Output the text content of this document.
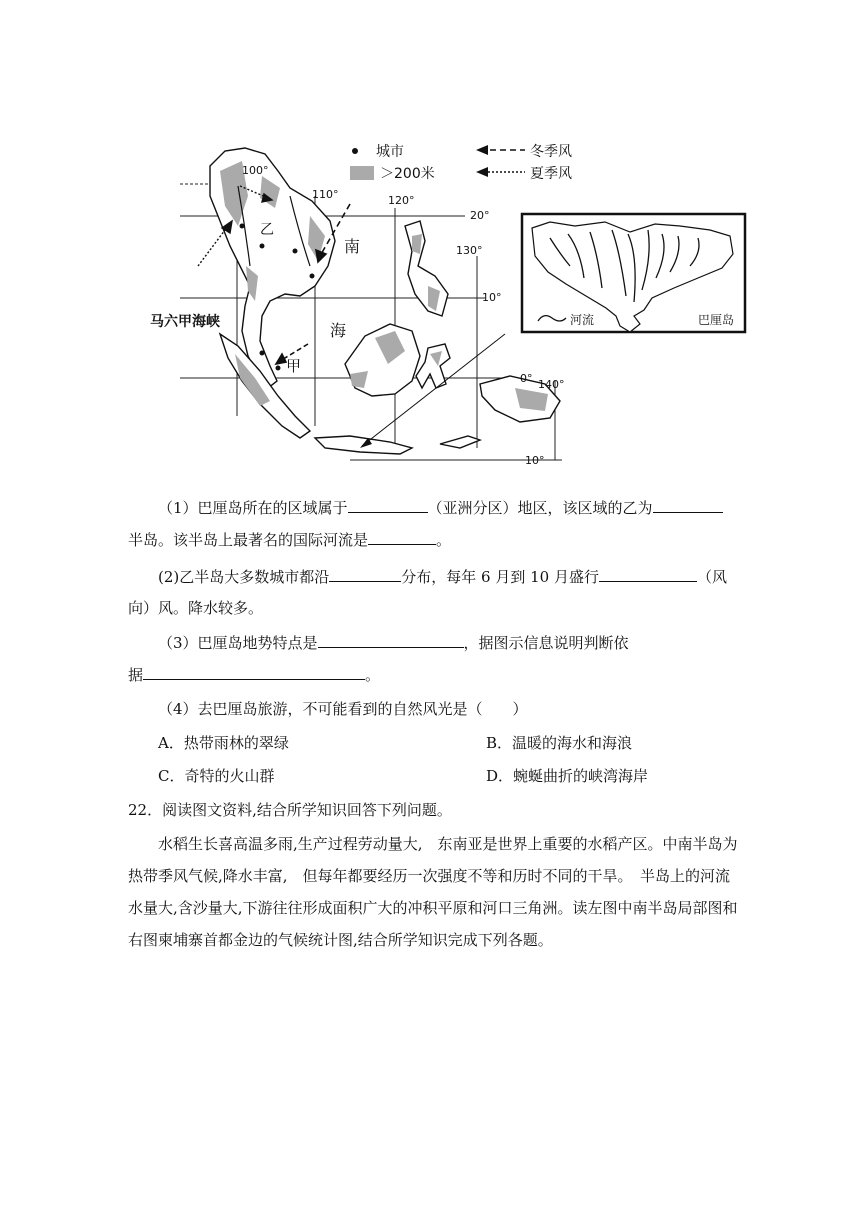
城市
＞200米
冬季风
夏季风
100°
110°	120°
130°
140°
20°
10°
0°
10°
南
海
乙
甲
马六甲海峡	河流	巴厘岛
（1）巴厘岛所在的区域属于	（亚洲分区）地区，该区域的乙为
半岛。该半岛上最著名的国际河流是	。
(2)乙半岛大多数城市都沿	分布，每年 6 月到 10 月盛行	（风
向）风。降水较多。
（3）巴厘岛地势特点是	，据图示信息说明判断依
据	。
（4）去巴厘岛旅游，不可能看到的自然风光是（　　）
A．热带雨林的翠绿	B．温暖的海水和海浪
C．奇特的火山群	D．蜿蜒曲折的峡湾海岸
22．阅读图文资料,结合所学知识回答下列问题。
水稻生长喜高温多雨,生产过程劳动量大,　东南亚是世界上重要的水稻产区。中南半岛为热带季风气候,降水丰富,　但每年都要经历一次强度不等和历时不同的干旱。　半岛上的河流水量大,含沙量大,下游往往形成面积广大的冲积平原和河口三角洲。读左图中南半岛局部图和右图柬埔寨首都金边的气候统计图,结合所学知识完成下列各题。
